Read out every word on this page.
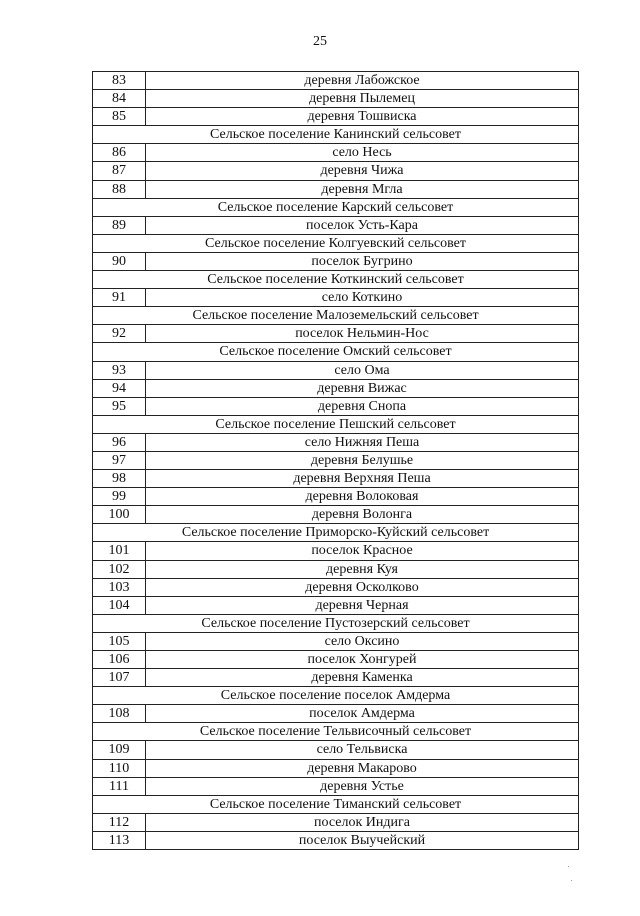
25
83	деревня Лабожское
84	деревня Пылемец
85	деревня Тошвиска
Сельское поселение Канинский сельсовет
86	село Несь
87	деревня Чижа
88	деревня Мгла
Сельское поселение Карский сельсовет
89	поселок Усть-Кара
Сельское поселение Колгуевский сельсовет
90	поселок Бугрино
Сельское поселение Коткинский сельсовет
91	село Коткино
Сельское поселение Малоземельский сельсовет
92	поселок Нельмин-Нос
Сельское поселение Омский сельсовет
93	село Ома
94	деревня Вижас
95	деревня Снопа
Сельское поселение Пешский сельсовет
96	село Нижняя Пеша
97	деревня Белушье
98	деревня Верхняя Пеша
99	деревня Волоковая
100	деревня Волонга
Сельское поселение Приморско-Куйский сельсовет
101	поселок Красное
102	деревня Куя
103	деревня Осколково
104	деревня Черная
Сельское поселение Пустозерский сельсовет
105	село Оксино
106	поселок Хонгурей
107	деревня Каменка
Сельское поселение поселок Амдерма
108	поселок Амдерма
Сельское поселение Тельвисочный сельсовет
109	село Тельвиска
110	деревня Макарово
111	деревня Устье
Сельское поселение Тиманский сельсовет
112	поселок Индига
113	поселок Выучейский
